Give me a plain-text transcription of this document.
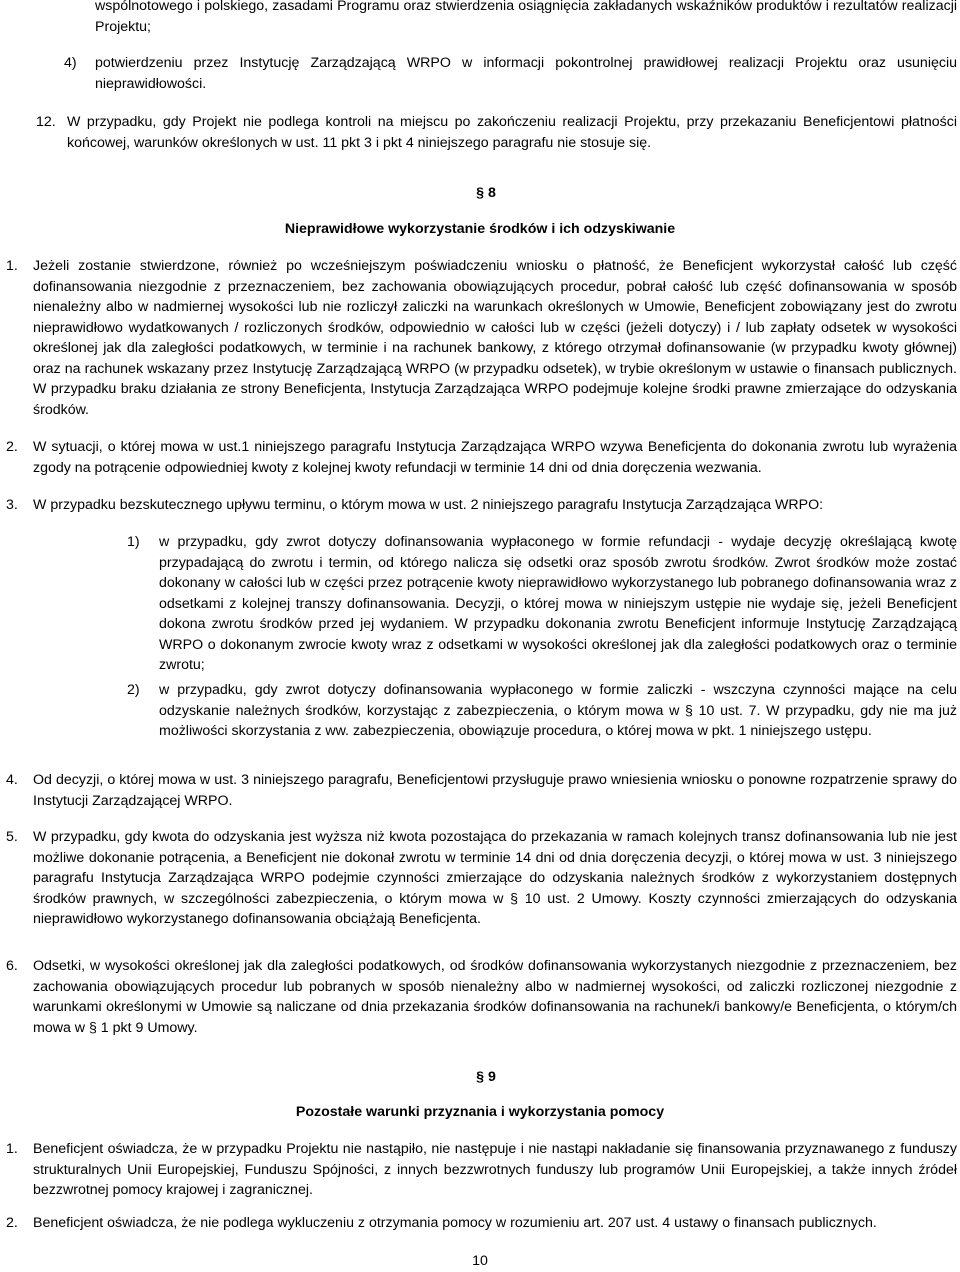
wspólnotowego i polskiego, zasadami Programu oraz stwierdzenia osiągnięcia zakładanych wskaźników produktów i rezultatów realizacji Projektu;

4) potwierdzeniu przez Instytucję Zarządzającą WRPO w informacji pokontrolnej prawidłowej realizacji Projektu oraz usunięciu nieprawidłowości.

12. W przypadku, gdy Projekt nie podlega kontroli na miejscu po zakończeniu realizacji Projektu, przy przekazaniu Beneficjentowi płatności końcowej, warunków określonych w ust. 11 pkt 3 i pkt 4 niniejszego paragrafu nie stosuje się.

§ 8
Nieprawidłowe wykorzystanie środków i ich odzyskiwanie
1. Jeżeli zostanie stwierdzone, również po wcześniejszym poświadczeniu wniosku o płatność, że Beneficjent wykorzystał całość lub część dofinansowania niezgodnie z przeznaczeniem, bez zachowania obowiązujących procedur, pobrał całość lub część dofinansowania w sposób nienależny albo w nadmiernej wysokości lub nie rozliczył zaliczki na warunkach określonych w Umowie, Beneficjent zobowiązany jest do zwrotu nieprawidłowo wydatkowanych / rozliczonych środków, odpowiednio w całości lub w części (jeżeli dotyczy) i / lub zapłaty odsetek w wysokości określonej jak dla zaległości podatkowych, w terminie i na rachunek bankowy, z którego otrzymał dofinansowanie (w przypadku kwoty głównej) oraz na rachunek wskazany przez Instytucję Zarządzającą WRPO (w przypadku odsetek), w trybie określonym w ustawie o finansach publicznych. W przypadku braku działania ze strony Beneficjenta, Instytucja Zarządzająca WRPO podejmuje kolejne środki prawne zmierzające do odzyskania środków.

2. W sytuacji, o której mowa w ust.1 niniejszego paragrafu Instytucja Zarządzająca WRPO wzywa Beneficjenta do dokonania zwrotu lub wyrażenia zgody na potrącenie odpowiedniej kwoty z kolejnej kwoty refundacji w terminie 14 dni od dnia doręczenia wezwania.

3. W przypadku bezskutecznego upływu terminu, o którym mowa w ust. 2 niniejszego paragrafu Instytucja Zarządzająca WRPO:

1) w przypadku, gdy zwrot dotyczy dofinansowania wypłaconego w formie refundacji - wydaje decyzję określającą kwotę przypadającą do zwrotu i termin, od którego nalicza się odsetki oraz sposób zwrotu środków. Zwrot środków może zostać dokonany w całości lub w części przez potrącenie kwoty nieprawidłowo wykorzystanego lub pobranego dofinansowania wraz z odsetkami z kolejnej transzy dofinansowania. Decyzji, o której mowa w niniejszym ustępie nie wydaje się, jeżeli Beneficjent dokona zwrotu środków przed jej wydaniem. W przypadku dokonania zwrotu Beneficjent informuje Instytucję Zarządzającą WRPO o dokonanym zwrocie kwoty wraz z odsetkami w wysokości określonej jak dla zaległości podatkowych oraz o terminie zwrotu;

2) w przypadku, gdy zwrot dotyczy dofinansowania wypłaconego w formie zaliczki - wszczyna czynności mające na celu odzyskanie należnych środków, korzystając z zabezpieczenia, o którym mowa w § 10 ust. 7. W przypadku, gdy nie ma już możliwości skorzystania z ww. zabezpieczenia, obowiązuje procedura, o której mowa w pkt. 1 niniejszego ustępu.

4. Od decyzji, o której mowa w ust. 3 niniejszego paragrafu, Beneficjentowi przysługuje prawo wniesienia wniosku o ponowne rozpatrzenie sprawy do Instytucji Zarządzającej WRPO.

5. W przypadku, gdy kwota do odzyskania jest wyższa niż kwota pozostająca do przekazania w ramach kolejnych transz dofinansowania lub nie jest możliwe dokonanie potrącenia, a Beneficjent nie dokonał zwrotu w terminie 14 dni od dnia doręczenia decyzji, o której mowa w ust. 3 niniejszego paragrafu Instytucja Zarządzająca WRPO podejmie czynności zmierzające do odzyskania należnych środków z wykorzystaniem dostępnych środków prawnych, w szczególności zabezpieczenia, o którym mowa w § 10 ust. 2 Umowy. Koszty czynności zmierzających do odzyskania nieprawidłowo wykorzystanego dofinansowania obciążają Beneficjenta.

6. Odsetki, w wysokości określonej jak dla zaległości podatkowych, od środków dofinansowania wykorzystanych niezgodnie z przeznaczeniem, bez zachowania obowiązujących procedur lub pobranych w sposób nienależny albo w nadmiernej wysokości, od zaliczki rozliczonej niezgodnie z warunkami określonymi w Umowie są naliczane od dnia przekazania środków dofinansowania na rachunek/i bankowy/e Beneficjenta, o którym/ch mowa w § 1 pkt 9 Umowy.

§ 9
Pozostałe warunki przyznania i wykorzystania pomocy
1. Beneficjent oświadcza, że w przypadku Projektu nie nastąpiło, nie następuje i nie nastąpi nakładanie się finansowania przyznawanego z funduszy strukturalnych Unii Europejskiej, Funduszu Spójności, z innych bezzwrotnych funduszy lub programów Unii Europejskiej, a także innych źródeł bezzwrotnej pomocy krajowej i zagranicznej.

2. Beneficjent oświadcza, że nie podlega wykluczeniu z otrzymania pomocy w rozumieniu art. 207 ust. 4 ustawy o finansach publicznych.

10
